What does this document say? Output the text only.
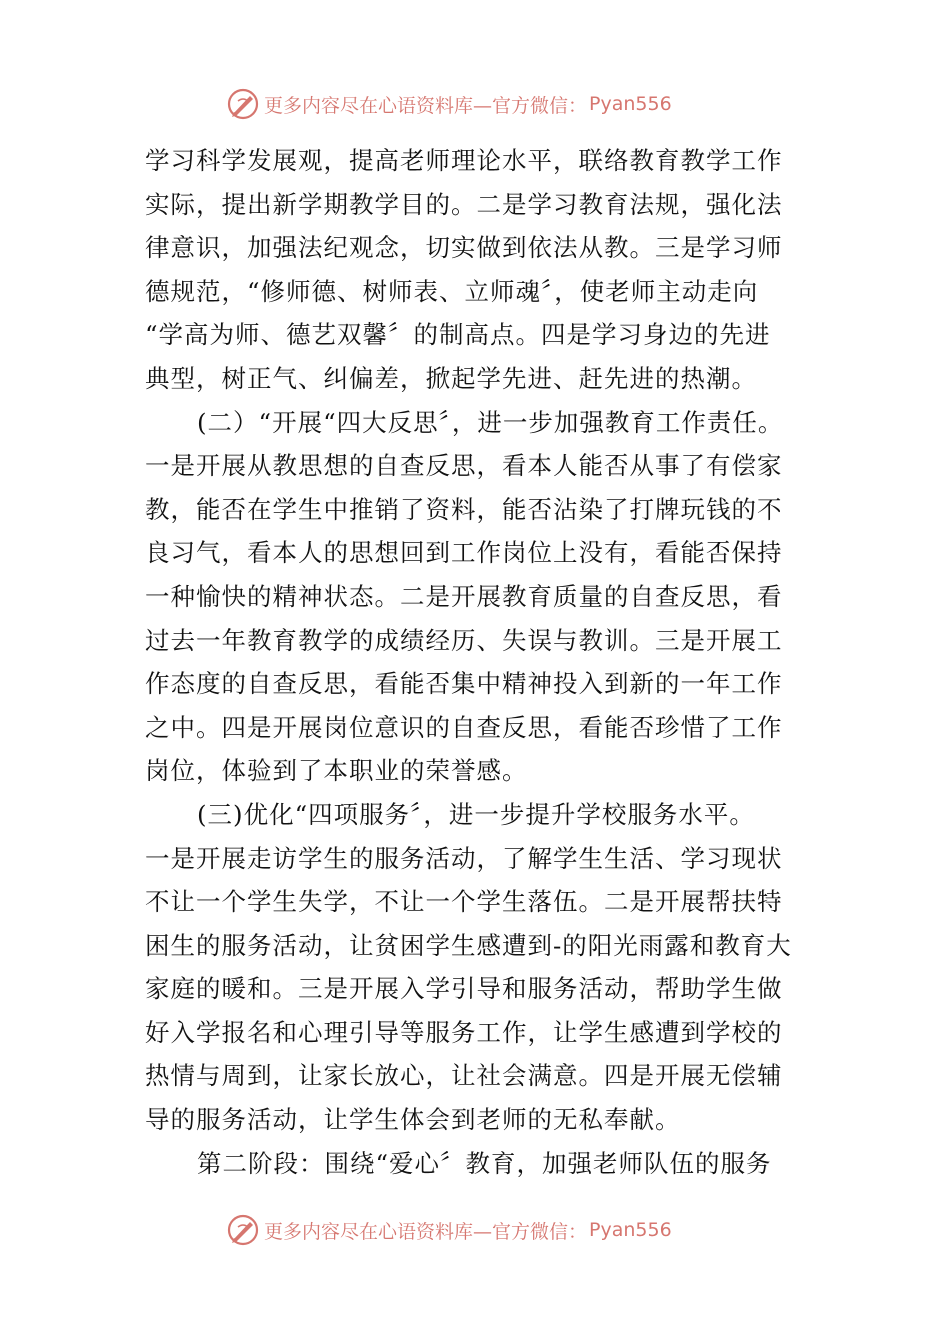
更多内容尽在心语资料库—官方微信： Pyan556
学习科学发展观，提高老师理论水平，联络教育教学工作
实际，提出新学期教学目的。二是学习教育法规，强化法
律意识，加强法纪观念，切实做到依法从教。三是学习师
德规范，“修师德、树师表、立师魂〞，使老师主动走向
“学高为师、德艺双馨〞的制高点。四是学习身边的先进
典型，树正气、纠偏差，掀起学先进、赶先进的热潮。
(二）“开展“四大反思〞，进一步加强教育工作责任。
一是开展从教思想的自查反思，看本人能否从事了有偿家
教，能否在学生中推销了资料，能否沾染了打牌玩钱的不
良习气，看本人的思想回到工作岗位上没有，看能否保持
一种愉快的精神状态。二是开展教育质量的自查反思，看
过去一年教育教学的成绩经历、失误与教训。三是开展工
作态度的自查反思，看能否集中精神投入到新的一年工作
之中。四是开展岗位意识的自查反思，看能否珍惜了工作
岗位，体验到了本职业的荣誉感。
(三)优化“四项服务〞，进一步提升学校服务水平。
一是开展走访学生的服务活动，了解学生生活、学习现状
不让一个学生失学，不让一个学生落伍。二是开展帮扶特
困生的服务活动，让贫困学生感遭到-的阳光雨露和教育大
家庭的暖和。三是开展入学引导和服务活动，帮助学生做
好入学报名和心理引导等服务工作，让学生感遭到学校的
热情与周到，让家长放心，让社会满意。四是开展无偿辅
导的服务活动，让学生体会到老师的无私奉献。
第二阶段：围绕“爱心〞教育，加强老师队伍的服务
更多内容尽在心语资料库—官方微信： Pyan556
